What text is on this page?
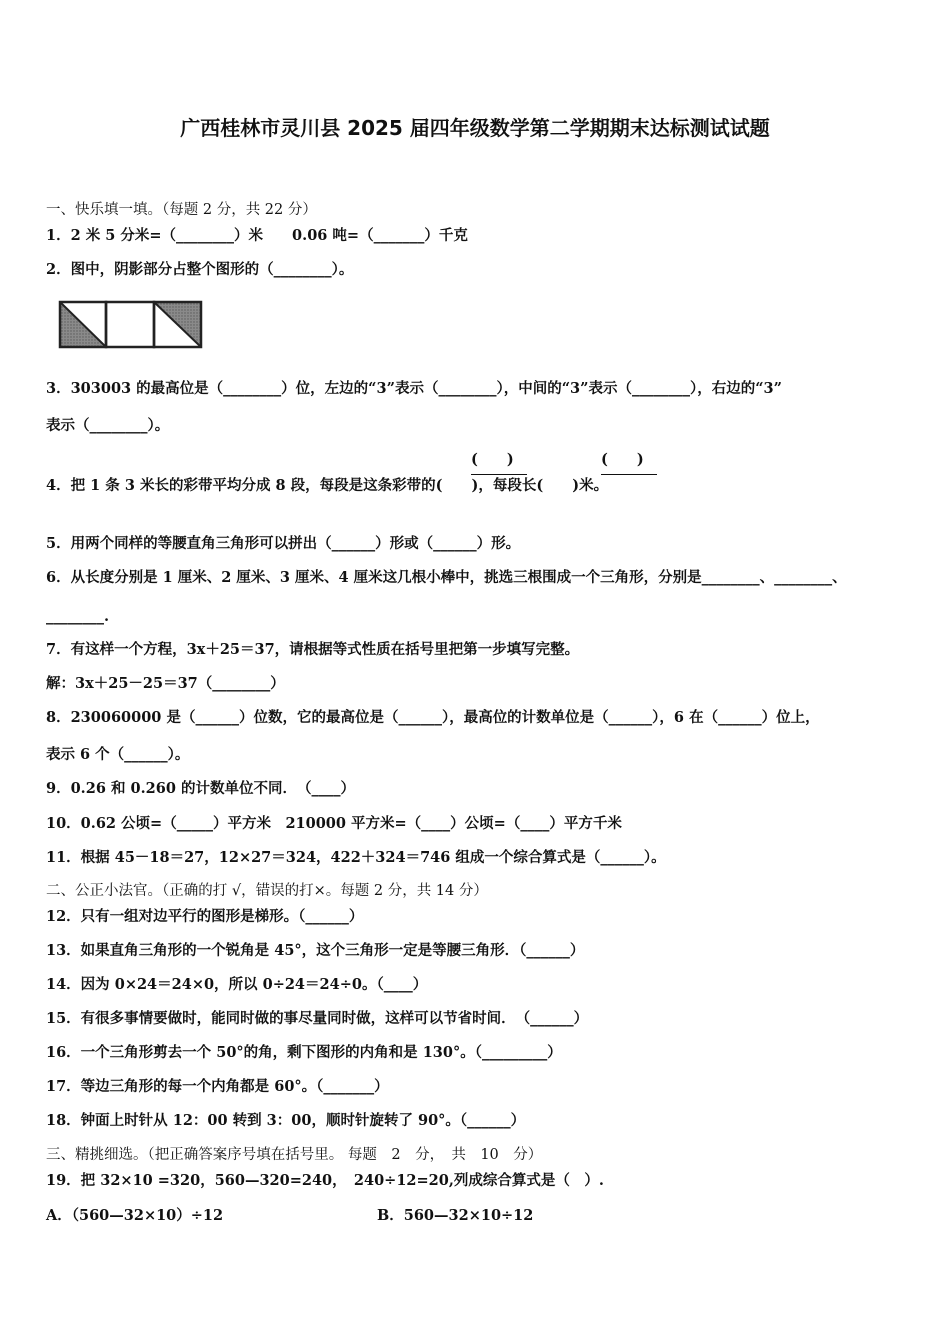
广西桂林市灵川县 2025 届四年级数学第二学期期末达标测试试题
一、快乐填一填。（每题 2 分，共 22 分）
1．2 米 5 分米=（________）米　　0.06 吨=（_______）千克
2．图中，阴影部分占整个图形的（________）。
3．303003 的最高位是（________）位，左边的“3”表示（________），中间的“3”表示（________），右边的“3”
表示（________）。
(　　)	(　　)
4．把 1 条 3 米长的彩带平均分成 8 段，每段是这条彩带的(　　)，每段长(　　)米。
5．用两个同样的等腰直角三角形可以拼出（______）形或（______）形。
6．从长度分别是 1 厘米、2 厘米、3 厘米、4 厘米这几根小棒中，挑选三根围成一个三角形，分别是________、________、
________.
7．有这样一个方程，3x＋25＝37，请根据等式性质在括号里把第一步填写完整。
解：3x＋25－25＝37（________）
8．230060000 是（______）位数，它的最高位是（______），最高位的计数单位是（______），6 在（______）位上，
表示 6 个（______）。
9．0.26 和 0.260 的计数单位不同．　（____）
10．0.62 公顷=（_____）平方米　210000 平方米=（____）公顷=（____）平方千米
11．根据 45－18＝27，12×27＝324，422＋324＝746 组成一个综合算式是（______）。
二、公正小法官。（正确的打 √，错误的打×。每题 2 分，共 14 分）
12．只有一组对边平行的图形是梯形。（______）
13．如果直角三角形的一个锐角是 45°，这个三角形一定是等腰三角形．（______）
14．因为 0×24＝24×0，所以 0÷24＝24÷0。（____）
15．有很多事情要做时，能同时做的事尽量同时做，这样可以节省时间．　（______）
16．一个三角形剪去一个 50°的角，剩下图形的内角和是 130°。（_________）
17．等边三角形的每一个内角都是 60°。（_______）
18．钟面上时针从 12：00 转到 3：00，顺时针旋转了 90°。（______）
三、精挑细选。（把正确答案序号填在括号里。 每题　2　分，　共　10　分）
19．把 32×10 =320，560—320=240，　240÷12=20,列成综合算式是（　）.
A．（560—32×10）÷12	B．560—32×10÷12
